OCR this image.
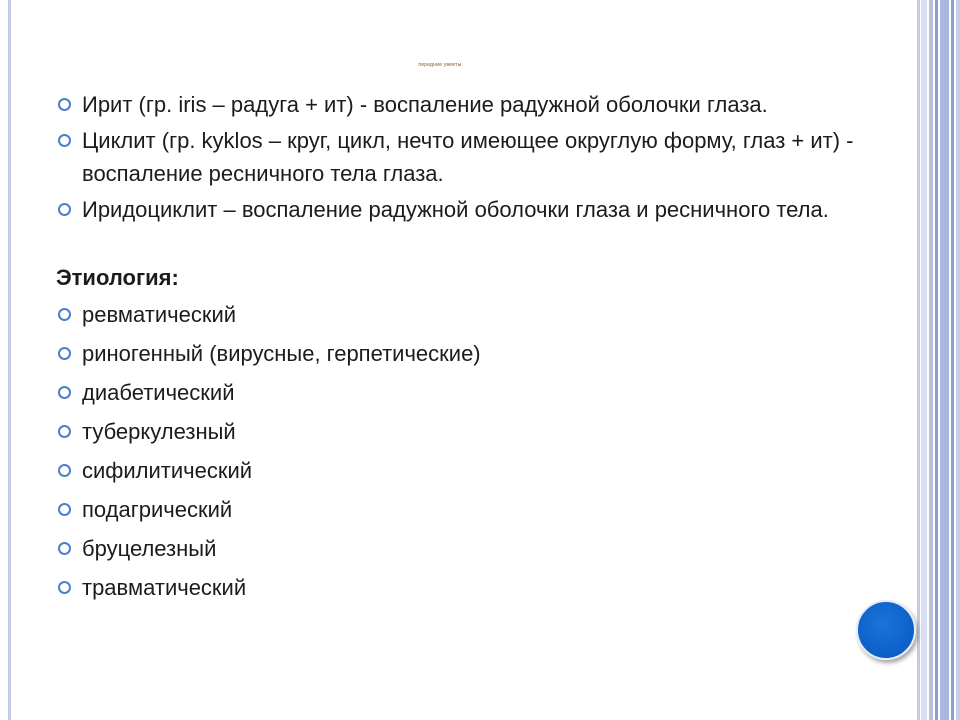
передние увеиты
Ирит (гр. iris – радуга + ит) - воспаление радужной оболочки глаза.
Циклит (гр. kyklos – круг, цикл, нечто имеющее округлую форму, глаз + ит) - воспаление ресничного тела глаза.
Иридоциклит – воспаление радужной оболочки глаза и ресничного тела.
Этиология:
ревматический
риногенный (вирусные, герпетические)
диабетический
туберкулезный
сифилитический
подагрический
бруцелезный
травматический
